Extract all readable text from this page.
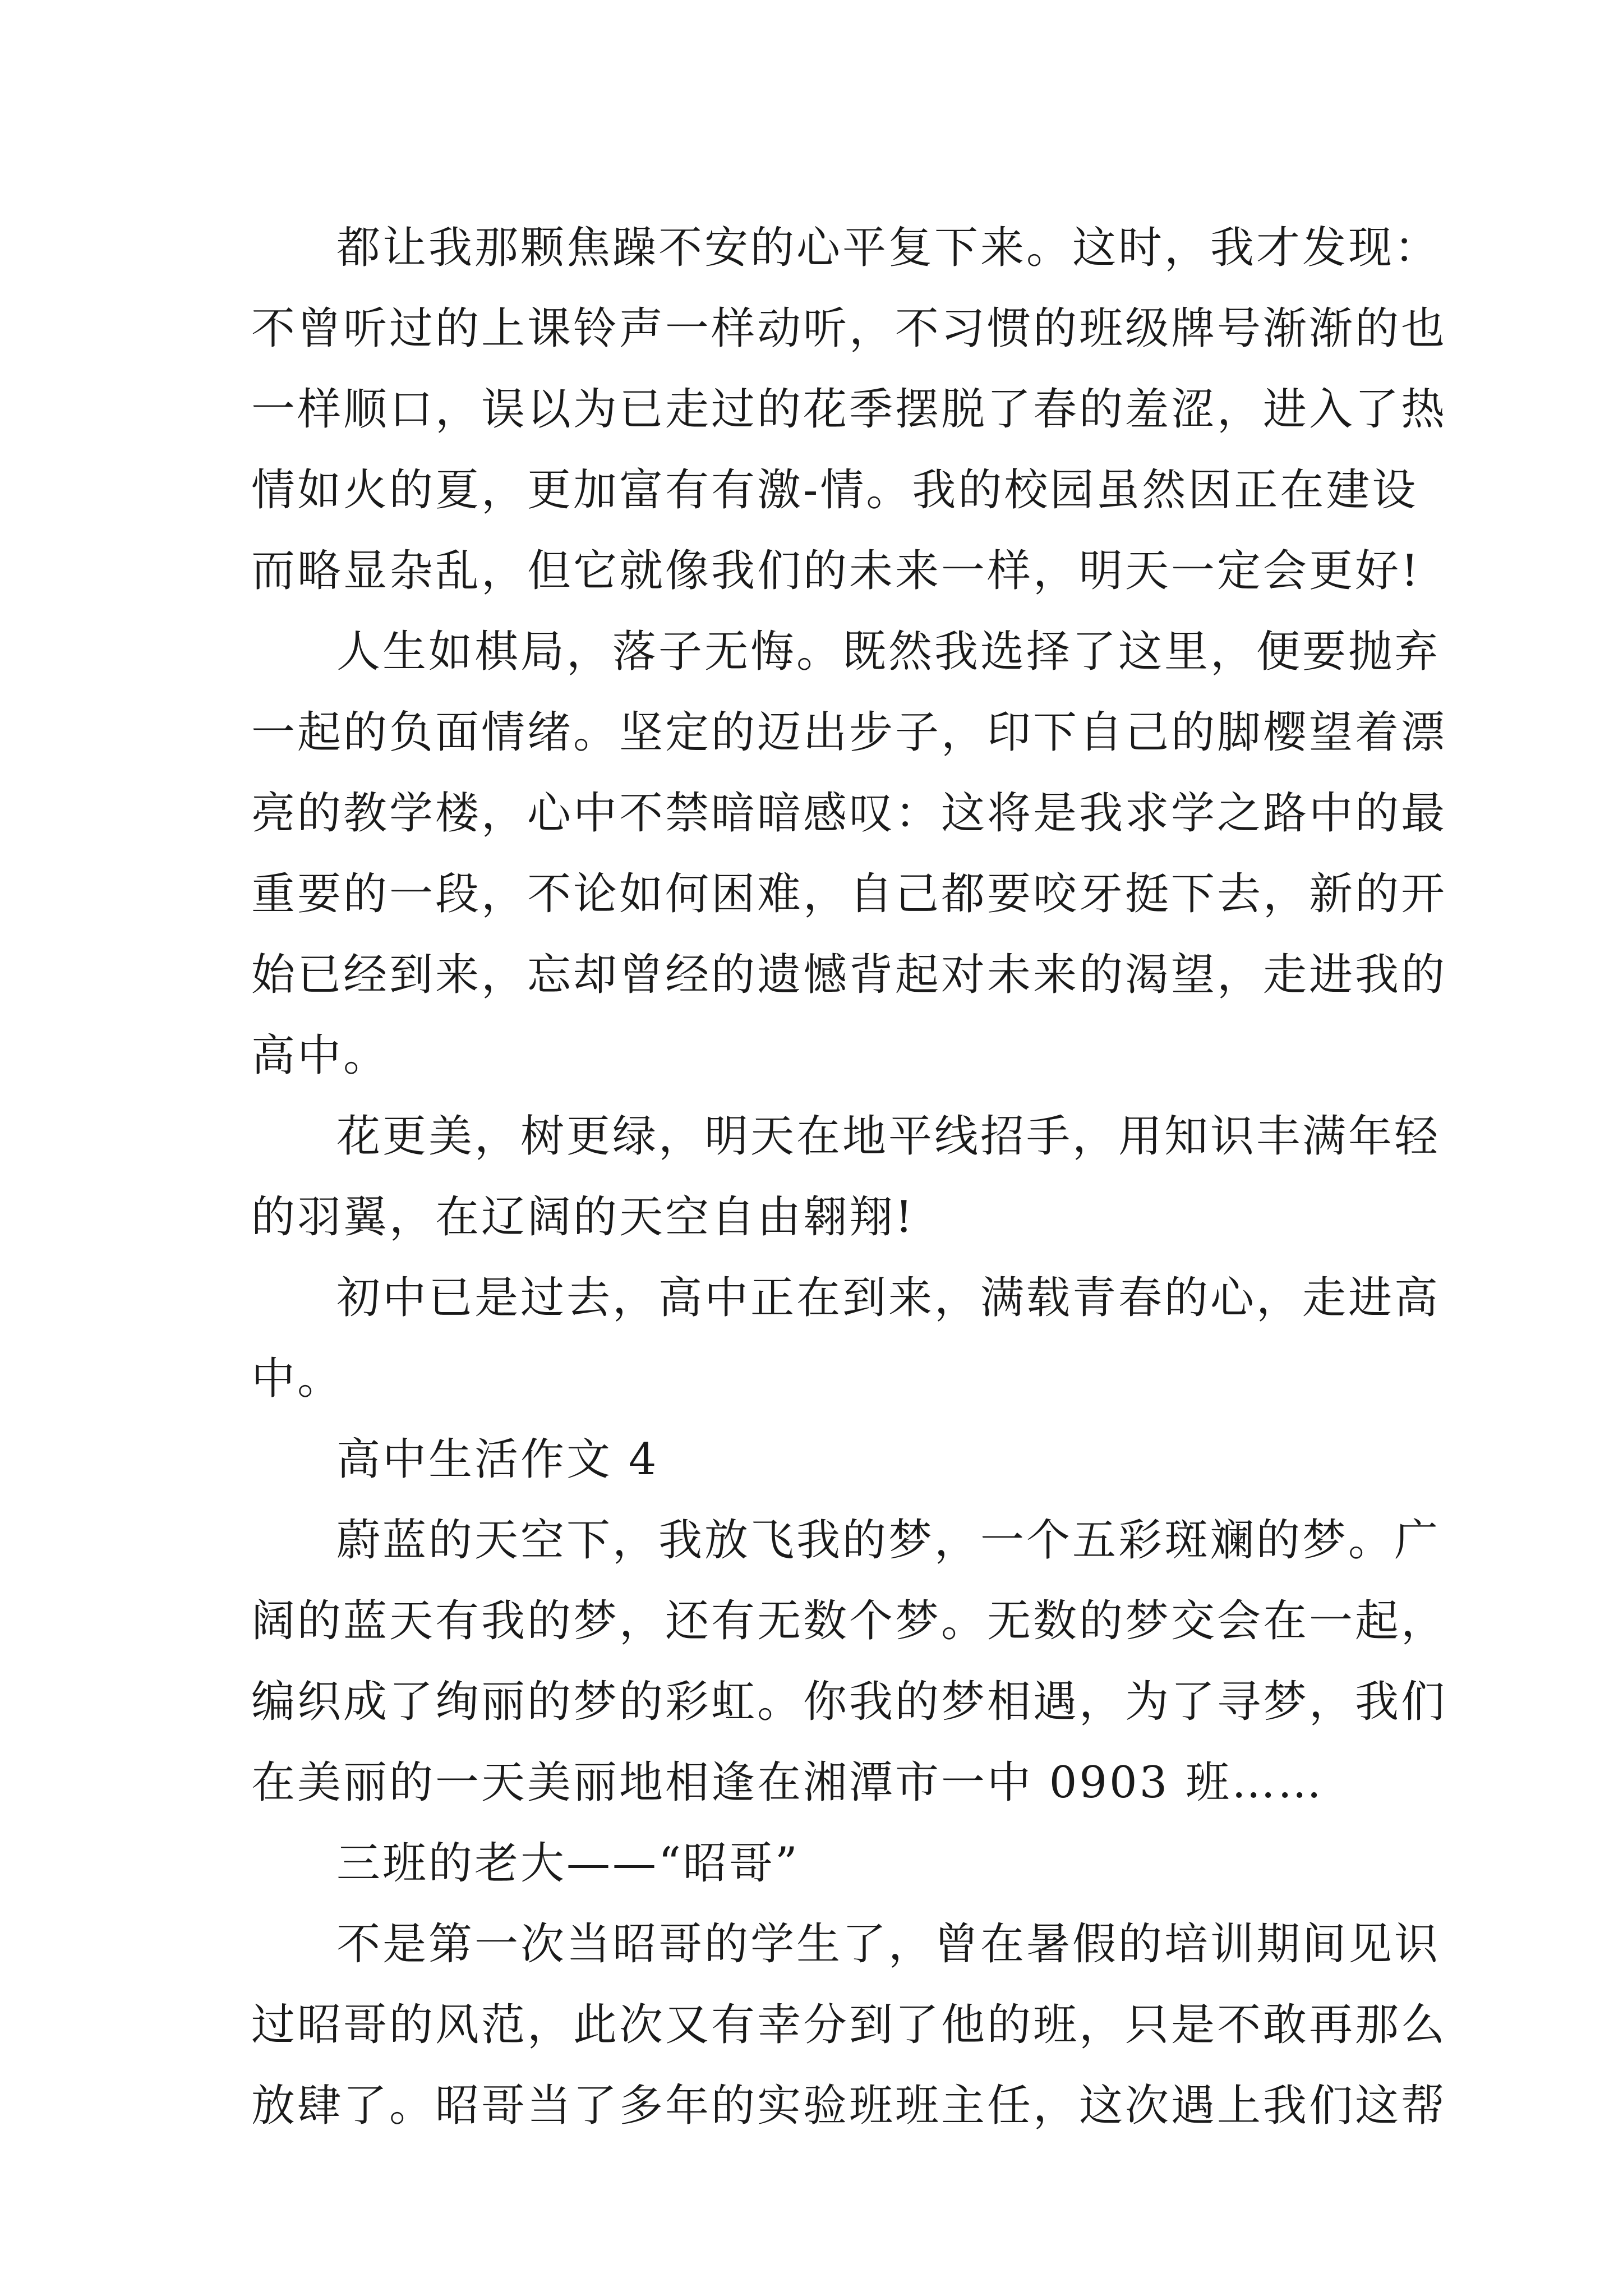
都让我那颗焦躁不安的心平复下来。这时，我才发现：
不曾听过的上课铃声一样动听，不习惯的班级牌号渐渐的也
一样顺口，误以为已走过的花季摆脱了春的羞涩，进入了热
情如火的夏，更加富有有激-情。我的校园虽然因正在建设
而略显杂乱，但它就像我们的未来一样，明天一定会更好!
人生如棋局，落子无悔。既然我选择了这里，便要抛弃
一起的负面情绪。坚定的迈出步子，印下自己的脚樱望着漂
亮的教学楼，心中不禁暗暗感叹：这将是我求学之路中的最
重要的一段，不论如何困难，自己都要咬牙挺下去，新的开
始已经到来，忘却曾经的遗憾背起对未来的渴望，走进我的
高中。
花更美，树更绿，明天在地平线招手，用知识丰满年轻
的羽翼，在辽阔的天空自由翱翔!
初中已是过去，高中正在到来，满载青春的心，走进高
中。
高中生活作文 4
蔚蓝的天空下，我放飞我的梦，一个五彩斑斓的梦。广
阔的蓝天有我的梦，还有无数个梦。无数的梦交会在一起，
编织成了绚丽的梦的彩虹。你我的梦相遇，为了寻梦，我们
在美丽的一天美丽地相逢在湘潭市一中 0903 班……
三班的老大——“昭哥”
不是第一次当昭哥的学生了，曾在暑假的培训期间见识
过昭哥的风范，此次又有幸分到了他的班，只是不敢再那么
放肆了。昭哥当了多年的实验班班主任，这次遇上我们这帮
